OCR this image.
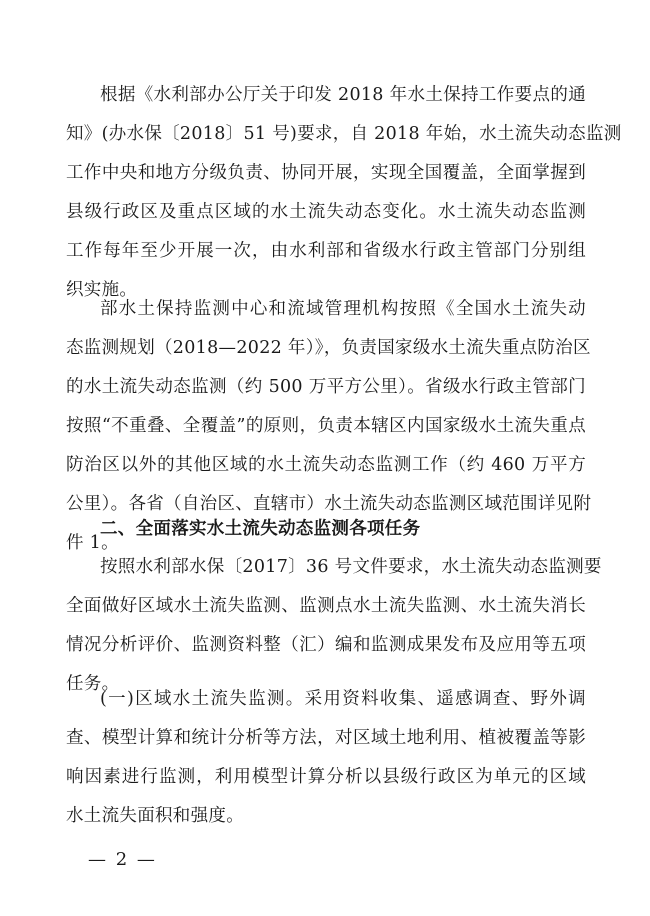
根据《水利部办公厅关于印发 2018 年水土保持工作要点的通
知》(办水保〔2018〕51 号)要求，自 2018 年始，水土流失动态监测
工作中央和地方分级负责、协同开展，实现全国覆盖，全面掌握到
县级行政区及重点区域的水土流失动态变化。水土流失动态监测
工作每年至少开展一次，由水利部和省级水行政主管部门分别组
织实施。
部水土保持监测中心和流域管理机构按照《全国水土流失动
态监测规划（2018—2022 年）》，负责国家级水土流失重点防治区
的水土流失动态监测（约 500 万平方公里）。省级水行政主管部门
按照“不重叠、全覆盖”的原则，负责本辖区内国家级水土流失重点
防治区以外的其他区域的水土流失动态监测工作（约 460 万平方
公里）。各省（自治区、直辖市）水土流失动态监测区域范围详见附
件 1。
二、全面落实水土流失动态监测各项任务
按照水利部水保〔2017〕36 号文件要求，水土流失动态监测要
全面做好区域水土流失监测、监测点水土流失监测、水土流失消长
情况分析评价、监测资料整（汇）编和监测成果发布及应用等五项
任务。
(一)区域水土流失监测。采用资料收集、遥感调查、野外调
查、模型计算和统计分析等方法，对区域土地利用、植被覆盖等影
响因素进行监测，利用模型计算分析以县级行政区为单元的区域
水土流失面积和强度。
— 2 —
